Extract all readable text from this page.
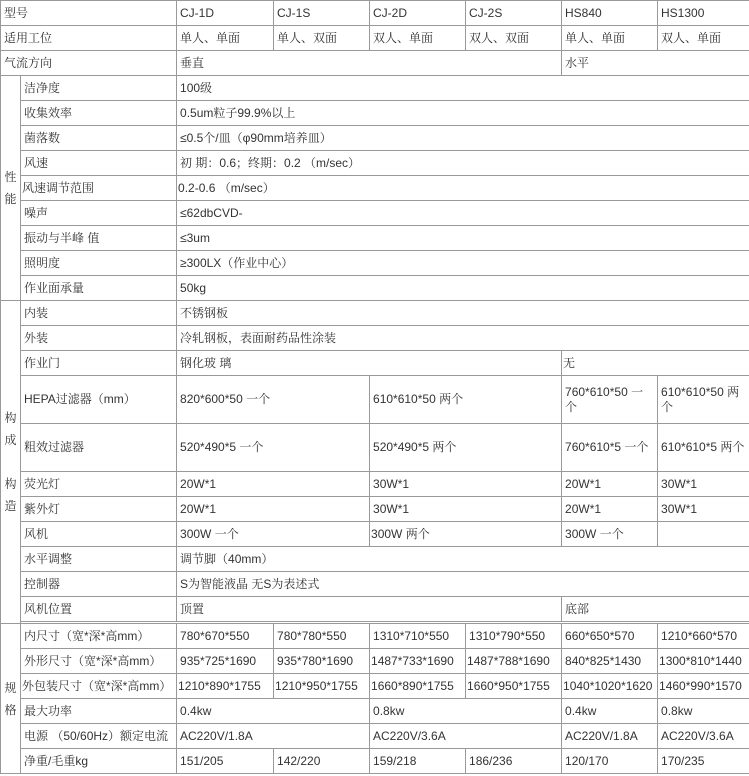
型号		CJ-1D	CJ-1S	CJ-2D	CJ-2S	HS840	HS1300
适用工位		单人、单面	单人、双面	双人、单面	双人、双面	单人、单面	双人、单面
气流方向		垂直				水平	
性
能	洁净度	100级					
	收集效率	0.5um粒子99.9%以上					
	菌落数	≤0.5个/皿（φ90mm培养皿）					
	风速	初 期：0.6；终期：0.2 （m/sec）					
	风速调节范围	0.2-0.6 （m/sec）					
	噪声	≤62dbCVD-					
	振动与半峰 值	≤3um					
	照明度	≥300LX（作业中心）					
	作业面承量	50kg					
构
成

构
造	内装	不锈钢板					
	外装	冷轧钢板，表面耐药品性涂装					
	作业门	钢化玻 璃				无	
	HEPA过滤器（mm）	820*600*50 一个		610*610*50 两个		760*610*50 一个	610*610*50 两个
	粗效过滤器	520*490*5 一个		520*490*5 两个		760*610*5 一个	610*610*5 两个
	荧光灯	20W*1		30W*1		20W*1	30W*1
	紫外灯	20W*1		30W*1		20W*1	30W*1
	风机	300W 一个		300W 两个		300W 一个	
	水平调整	调节脚（40mm）					
	控制器	S为智能液晶 无S为表述式					
	风机位置	顶置				底部	

规
格	内尺寸（宽*深*高mm）	780*670*550	780*780*550	1310*710*550	1310*790*550	660*650*570	1210*660*570
	外形尺寸（宽*深*高mm）	935*725*1690	935*780*1690	1487*733*1690	1487*788*1690	840*825*1430	1300*810*1440
	外包装尺寸（宽*深*高mm）	1210*890*1755	1210*950*1755	1660*890*1755	1660*950*1755	1040*1020*1620	1460*990*1570
	最大功率	0.4kw		0.8kw		0.4kw	0.8kw
	电源 （50/60Hz）额定电流	AC220V/1.8A		AC220V/3.6A		AC220V/1.8A	AC220V/3.6A
	净重/毛重kg	151/205	142/220	159/218	186/236	120/170	170/235
